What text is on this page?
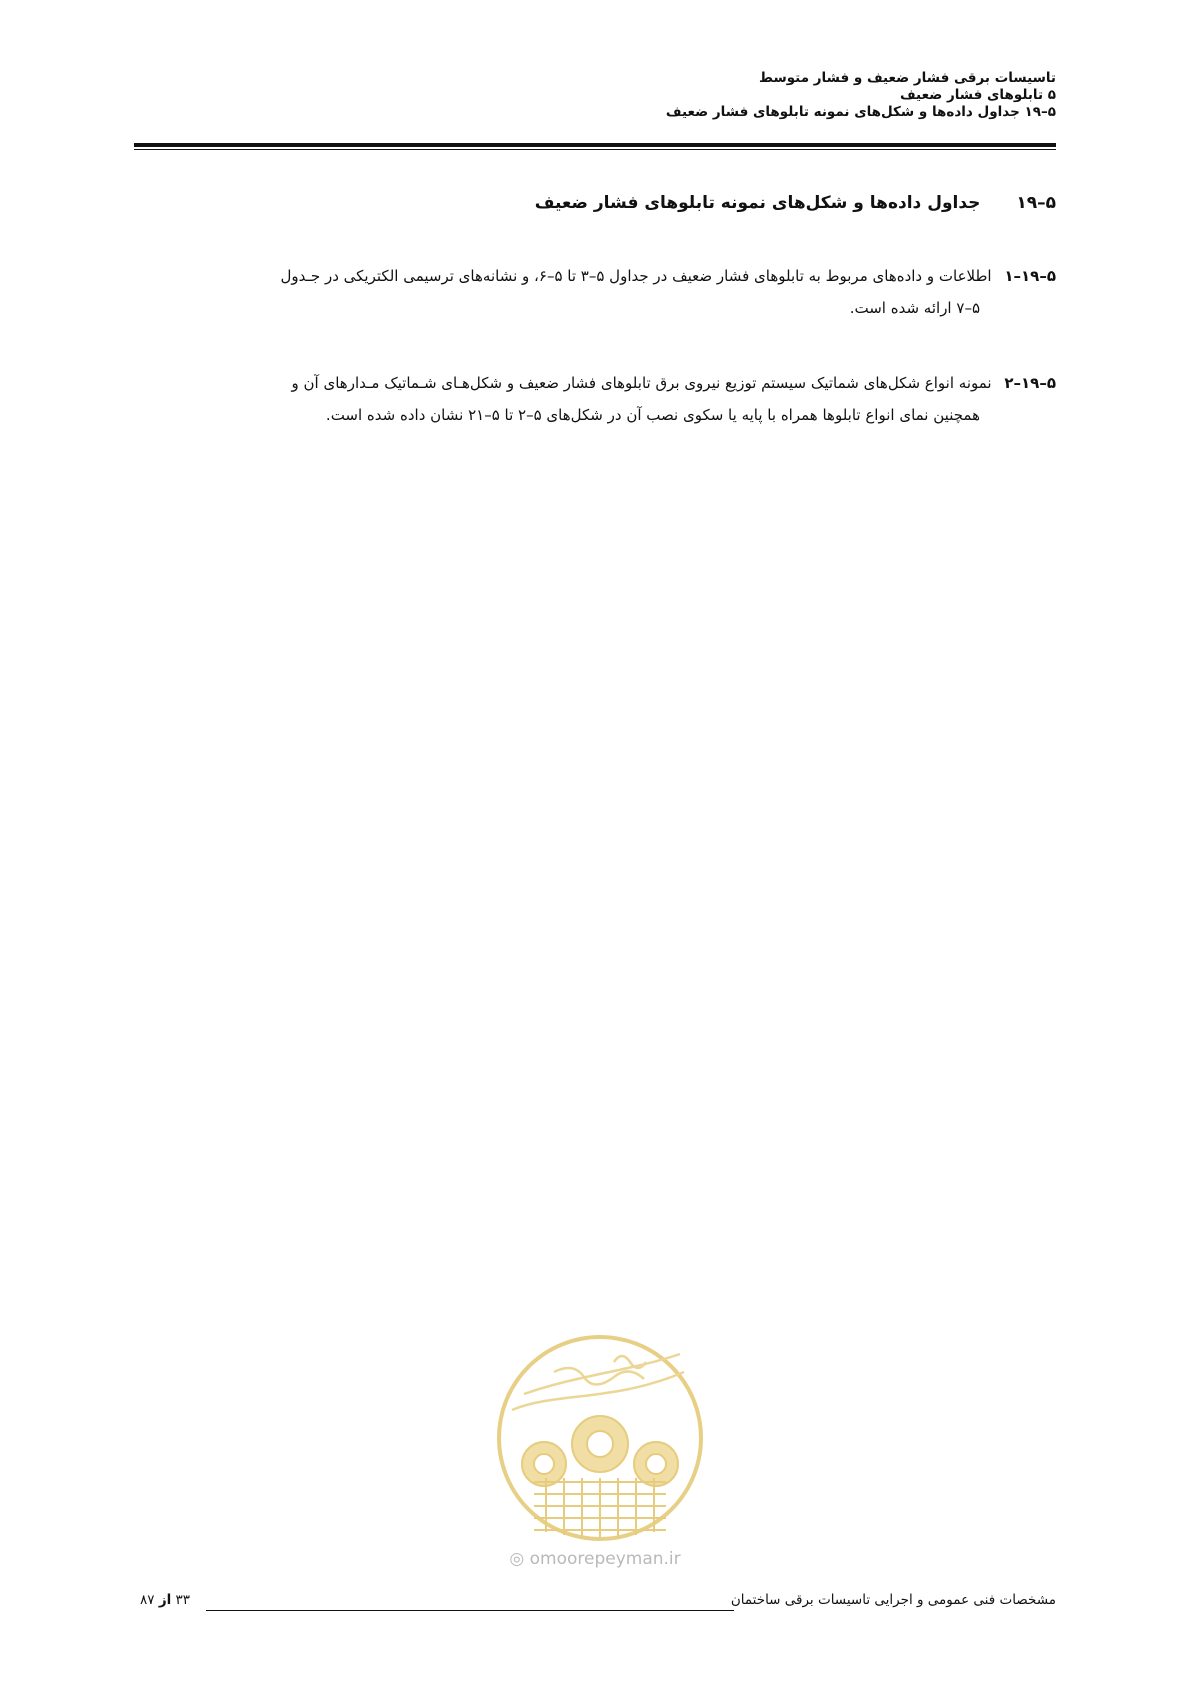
تاسیسات برقی فشار ضعیف و فشار متوسط
۵ تابلوهای فشار ضعیف
۵–۱۹ جداول داده‌ها و شکل‌های نمونه تابلوهای فشار ضعیف
۵–۱۹ جداول داده‌ها و شکل‌های نمونه تابلوهای فشار ضعیف
۵–۱۹–۱ اطلاعات و داده‌های مربوط به تابلوهای فشار ضعیف در جداول ۵–۳ تا ۵–۶، و نشانه‌های ترسیمی الکتریکی در جـدول
۵–۷ ارائه شده است.
۵–۱۹–۲ نمونه انواع شکل‌های شماتیک سیستم توزیع نیروی برق تابلوهای فشار ضعیف و شکل‌هـای شـماتیک مـدارهای آن و
همچنین نمای انواع تابلوها همراه با پایه یا سکوی نصب آن در شکل‌های ۵–۲ تا ۵–۲۱ نشان داده شده است.
◎ omoorepeyman.ir
۳۳ از ۸۷	مشخصات فنی عمومی و اجرایی تاسیسات برقی ساختمان
